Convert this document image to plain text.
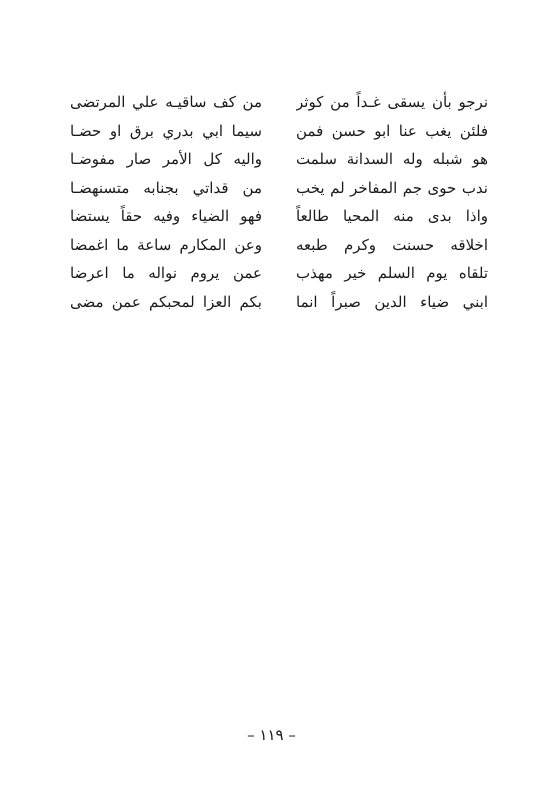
نرجو بأن يسقى غـداً من كوثر
من كف ساقيـه علي المرتضى
فلئن يغب عنا ابو حسن فمن
سيما ابي بدري برق او حضـا
هو شبله وله السدانة سلمت
واليه كل الأمر صار مفوضـا
ندب حوى جم المفاخر لم يخب
من قداتي بجنابه متسنهضـا
واذا بدى منه المحيا طالعاً
فهو الضياء وفيه حقاً يستضا
اخلاقه حسنت وكرم طبعه
وعن المكارم ساعة ما اغمضا
تلقاه يوم السلم خير مهذب
عمن يروم نواله ما اعرضا
ابني ضياء الدين صبراً انما
بكم العزا لمحبكم عمن مضى
– ١١٩ –
